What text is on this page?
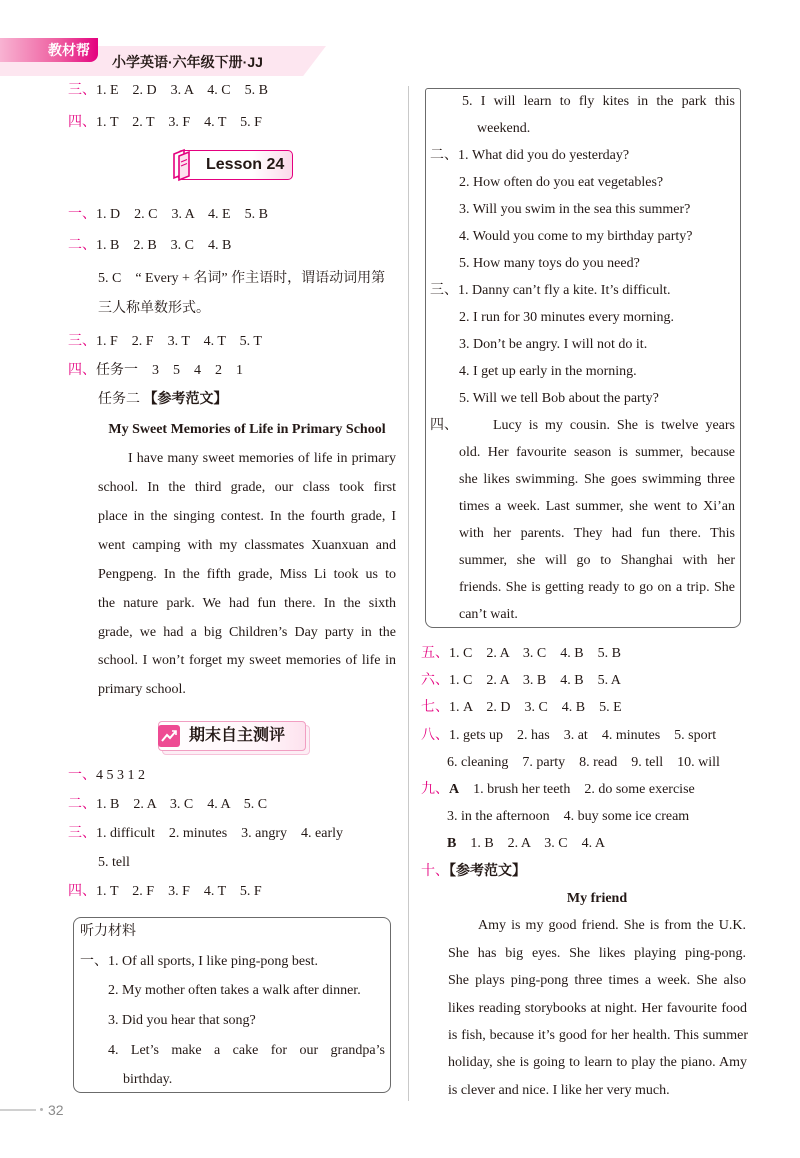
教材帮
小学英语·六年级下册·JJ
三、1. E    2. D    3. A    4. C    5. B
四、1. T    2. T    3. F    4. T    5. F
Lesson 24
一、1. D    2. C    3. A    4. E    5. B
二、1. B    2. B    3. C    4. B
5. C    “ Every + 名词” 作主语时，谓语动词用第
三人称单数形式。
三、1. F    2. F    3. T    4. T    5. T
四、任务一    3    5    4    2    1
任务二 【参考范文】
My Sweet Memories of Life in Primary School
I have many sweet memories of life in primary
school. In the third grade, our class took first
place in the singing contest. In the fourth grade, I
went camping with my classmates Xuanxuan and
Pengpeng. In the fifth grade, Miss Li took us to
the nature park. We had fun there. In the sixth
grade, we had a big Children’s Day party in the
school. I won’t forget my sweet memories of life in
primary school.
期末自主测评
一、4 5 3 1 2
二、1. B    2. A    3. C    4. A    5. C
三、1. difficult    2. minutes    3. angry    4. early
5. tell
四、1. T    2. F    3. F    4. T    5. F
听力材料
一、1. Of all sports, I like ping-pong best.
2. My mother often takes a walk after dinner.
3. Did you hear that song?
4. Let’s make a cake for our grandpa’s
birthday.
32
5. I will learn to fly kites in the park this
weekend.
二、1. What did you do yesterday?
2. How often do you eat vegetables?
3. Will you swim in the sea this summer?
4. Would you come to my birthday party?
5. How many toys do you need?
三、1. Danny can’t fly a kite. It’s difficult.
2. I run for 30 minutes every morning.
3. Don’t be angry. I will not do it.
4. I get up early in the morning.
5. Will we tell Bob about the party?
四、	Lucy is my cousin. She is twelve years
old. Her favourite season is summer, because
she likes swimming. She goes swimming three
times a week. Last summer, she went to Xi’an
with her parents. They had fun there. This
summer, she will go to Shanghai with her
friends. She is getting ready to go on a trip. She
can’t wait.
五、1. C    2. A    3. C    4. B    5. B
六、1. C    2. A    3. B    4. B    5. A
七、1. A    2. D    3. C    4. B    5. E
八、1. gets up    2. has    3. at    4. minutes    5. sport
6. cleaning    7. party    8. read    9. tell    10. will
九、A 1. brush her teeth    2. do some exercise
3. in the afternoon    4. buy some ice cream
B 1. B    2. A    3. C    4. A
十、【参考范文】
My friend
Amy is my good friend. She is from the U.K.
She has big eyes. She likes playing ping-pong.
She plays ping-pong three times a week. She also
likes reading storybooks at night. Her favourite food
is fish, because it’s good for her health. This summer
holiday, she is going to learn to play the piano. Amy
is clever and nice. I like her very much.
